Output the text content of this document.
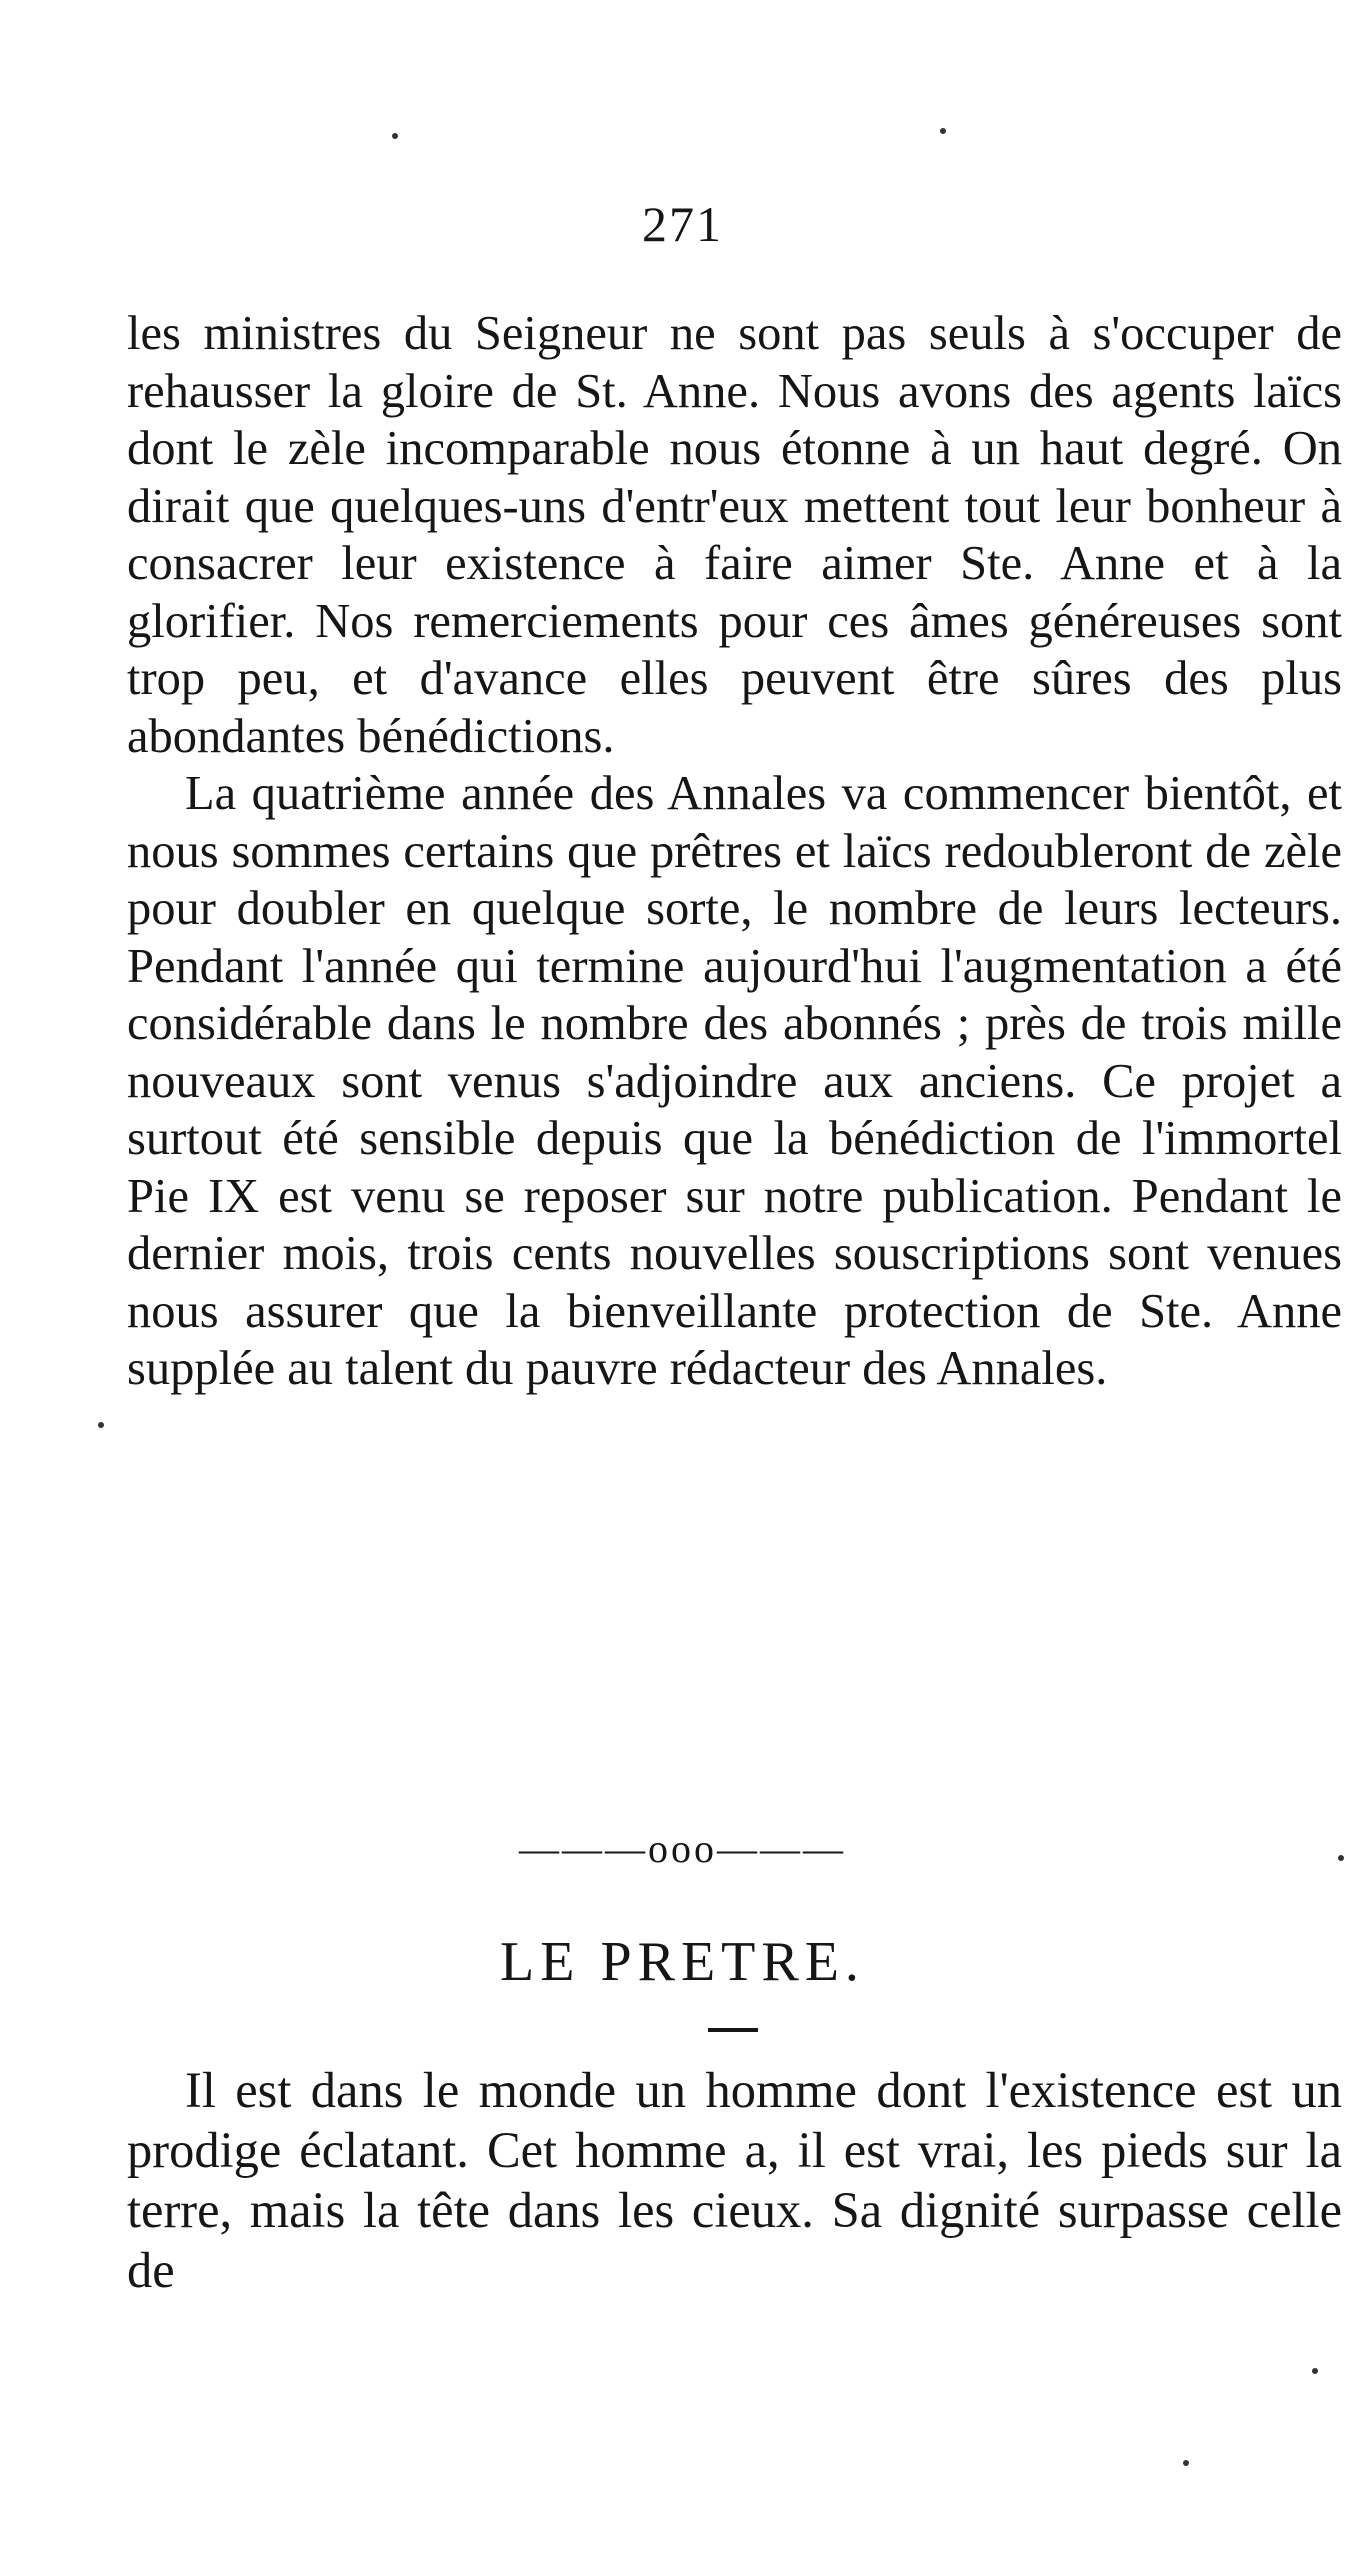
271

les ministres du Seigneur ne sont pas seuls à s'occuper de rehausser la gloire de St. Anne. Nous avons des agents laïcs dont le zèle incomparable nous étonne à un haut degré. On dirait que quelques-uns d'entr'eux mettent tout leur bonheur à consacrer leur existence à faire aimer Ste. Anne et à la glorifier. Nos remerciements pour ces âmes généreuses sont trop peu, et d'avance elles peuvent être sûres des plus abondantes bénédictions.

La quatrième année des Annales va commencer bientôt, et nous sommes certains que prêtres et laïcs redoubleront de zèle pour doubler en quelque sorte, le nombre de leurs lecteurs. Pendant l'année qui termine aujourd'hui l'augmentation a été considérable dans le nombre des abonnés ; près de trois mille nouveaux sont venus s'adjoindre aux anciens. Ce projet a surtout été sensible depuis que la bénédiction de l'immortel Pie IX est venu se reposer sur notre publication. Pendant le dernier mois, trois cents nouvelles souscriptions sont venues nous assurer que la bienveillante protection de Ste. Anne supplée au talent du pauvre rédacteur des Annales.

———ooo———
LE PRETRE.

Il est dans le monde un homme dont l'existence est un prodige éclatant. Cet homme a, il est vrai, les pieds sur la terre, mais la tête dans les cieux. Sa dignité surpasse celle de
